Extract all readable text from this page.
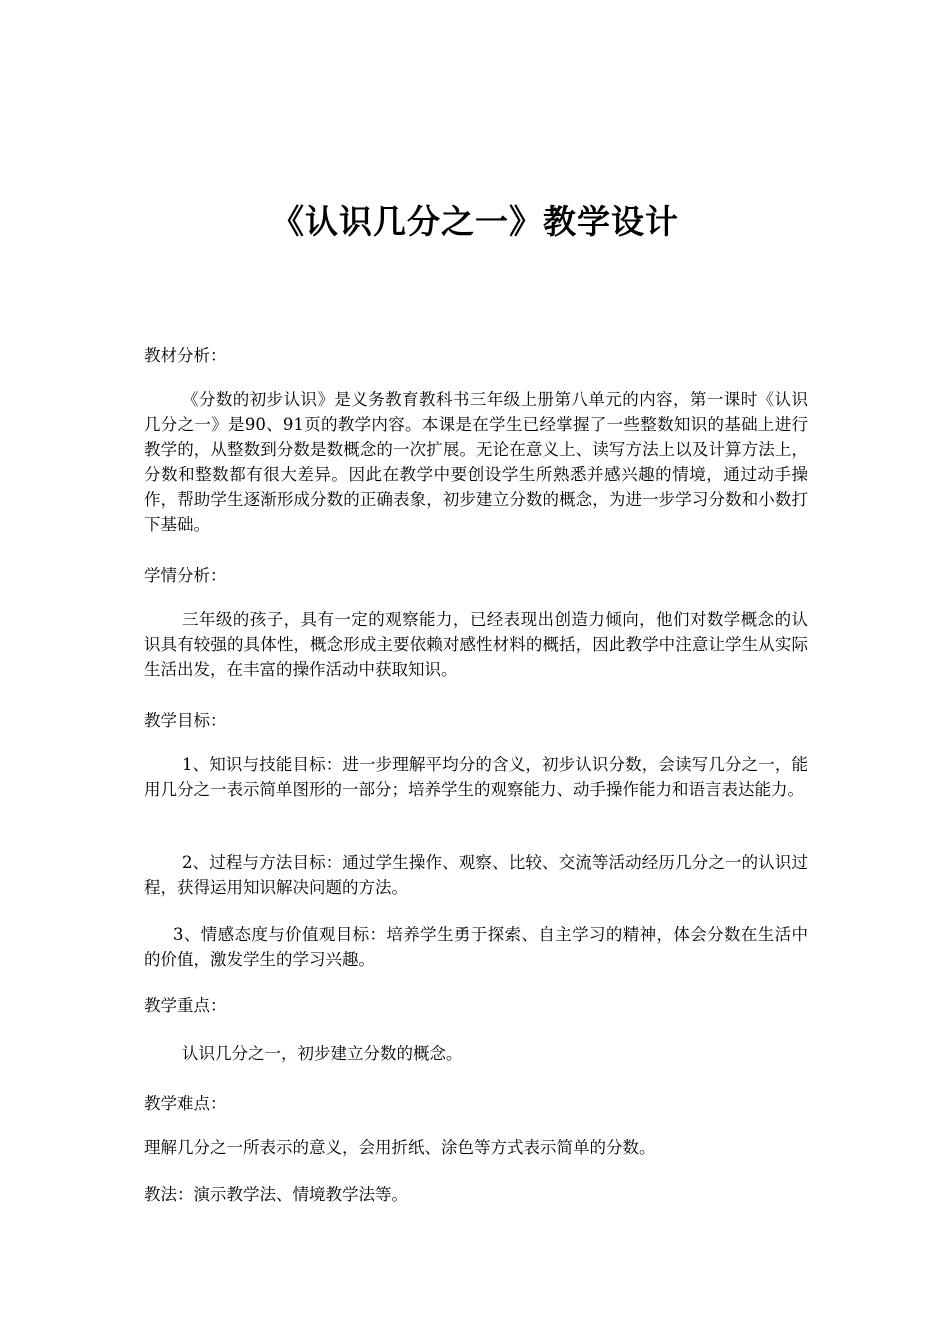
《认识几分之一》教学设计
教材分析：
《分数的初步认识》是义务教育教科书三年级上册第八单元的内容，第一课时《认识几分之一》是90、91页的教学内容。本课是在学生已经掌握了一些整数知识的基础上进行教学的，从整数到分数是数概念的一次扩展。无论在意义上、读写方法上以及计算方法上，分数和整数都有很大差异。因此在教学中要创设学生所熟悉并感兴趣的情境，通过动手操作，帮助学生逐渐形成分数的正确表象，初步建立分数的概念，为进一步学习分数和小数打下基础。
学情分析：
三年级的孩子，具有一定的观察能力，已经表现出创造力倾向，他们对数学概念的认识具有较强的具体性，概念形成主要依赖对感性材料的概括，因此教学中注意让学生从实际生活出发，在丰富的操作活动中获取知识。
教学目标：
1、知识与技能目标：进一步理解平均分的含义，初步认识分数，会读写几分之一，能用几分之一表示简单图形的一部分；培养学生的观察能力、动手操作能力和语言表达能力。
2、过程与方法目标：通过学生操作、观察、比较、交流等活动经历几分之一的认识过程，获得运用知识解决问题的方法。
3、情感态度与价值观目标：培养学生勇于探索、自主学习的精神，体会分数在生活中的价值，激发学生的学习兴趣。
教学重点：
认识几分之一，初步建立分数的概念。
教学难点：
理解几分之一所表示的意义，会用折纸、涂色等方式表示简单的分数。
教法：演示教学法、情境教学法等。
